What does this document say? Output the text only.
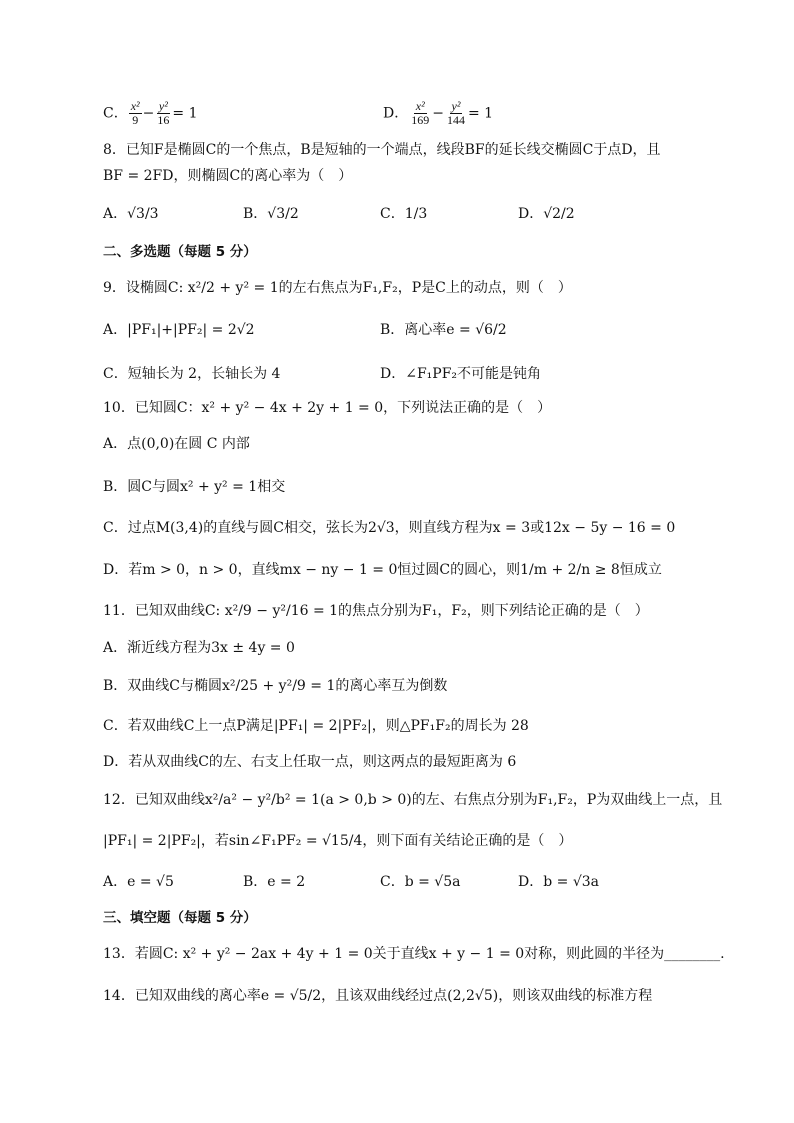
C． $\frac{\text{x²}}{9} - \frac{\text{y²}}{16} = 1$	D． $\frac{\text{x²}}{169} - \frac{\text{y²}}{144} = 1$
8．已知F是椭圆C的一个焦点，B是短轴的一个端点，线段BF的延长线交椭圆C于点D，且
BF = 2FD，则椭圆C的离心率为（　）
A．√3/3	B．√3/2	C．1/3	D．√2/2
二、多选题（每题 5 分）
9．设椭圆C: x²/2 + y² = 1的左右焦点为F₁,F₂，P是C上的动点，则（　）
A．|PF₁|+|PF₂| = 2√2	B．离心率e = √6/2
C．短轴长为 2，长轴长为 4	D．∠F₁PF₂不可能是钝角
10．已知圆C：x² + y² − 4x + 2y + 1 = 0，下列说法正确的是（　）
A．点(0,0)在圆 C 内部
B．圆C与圆x² + y² = 1相交
C．过点M(3,4)的直线与圆C相交，弦长为2√3，则直线方程为x = 3或12x − 5y − 16 = 0
D．若m > 0，n > 0，直线mx − ny − 1 = 0恒过圆C的圆心，则1/m + 2/n ≥ 8恒成立
11．已知双曲线C: x²/9 − y²/16 = 1的焦点分别为F₁，F₂，则下列结论正确的是（　）
A．渐近线方程为3x ± 4y = 0
B．双曲线C与椭圆x²/25 + y²/9 = 1的离心率互为倒数
C．若双曲线C上一点P满足|PF₁| = 2|PF₂|，则△PF₁F₂的周长为 28
D．若从双曲线C的左、右支上任取一点，则这两点的最短距离为 6
12．已知双曲线x²/a² − y²/b² = 1(a > 0,b > 0)的左、右焦点分别为F₁,F₂，P为双曲线上一点，且
|PF₁| = 2|PF₂|，若sin∠F₁PF₂ = √15/4，则下面有关结论正确的是（　）
A．e = √5	B．e = 2	C．b = √5a	D．b = √3a
三、填空题（每题 5 分）
13．若圆C: x² + y² − 2ax + 4y + 1 = 0关于直线x + y − 1 = 0对称，则此圆的半径为________.
14．已知双曲线的离心率e = √5/2，且该双曲线经过点(2,2√5)，则该双曲线的标准方程
